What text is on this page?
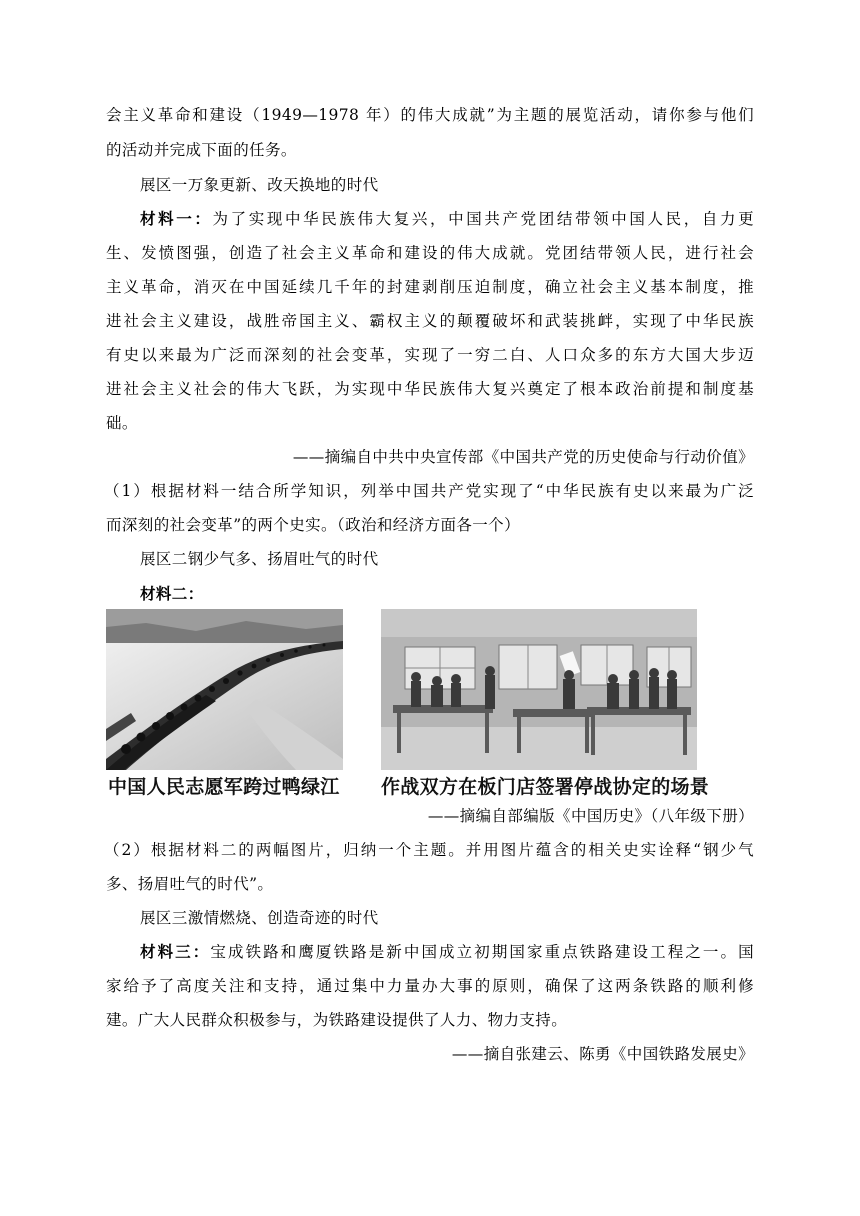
会主义革命和建设（1949—1978 年）的伟大成就”为主题的展览活动，请你参与他们
的活动并完成下面的任务。
展区一万象更新、改天换地的时代
材料一：为了实现中华民族伟大复兴，中国共产党团结带领中国人民，自力更
生、发愤图强，创造了社会主义革命和建设的伟大成就。党团结带领人民，进行社会
主义革命，消灭在中国延续几千年的封建剥削压迫制度，确立社会主义基本制度，推
进社会主义建设，战胜帝国主义、霸权主义的颠覆破坏和武装挑衅，实现了中华民族
有史以来最为广泛而深刻的社会变革，实现了一穷二白、人口众多的东方大国大步迈
进社会主义社会的伟大飞跃，为实现中华民族伟大复兴奠定了根本政治前提和制度基
础。
——摘编自中共中央宣传部《中国共产党的历史使命与行动价值》
（1）根据材料一结合所学知识，列举中国共产党实现了“中华民族有史以来最为广泛
而深刻的社会变革”的两个史实。（政治和经济方面各一个）
展区二钢少气多、扬眉吐气的时代
材料二：
中国人民志愿军跨过鸭绿江 作战双方在板门店签署停战协定的场景
——摘编自部编版《中国历史》（八年级下册）
（2）根据材料二的两幅图片，归纳一个主题。并用图片蕴含的相关史实诠释“钢少气
多、扬眉吐气的时代”。
展区三激情燃烧、创造奇迹的时代
材料三：宝成铁路和鹰厦铁路是新中国成立初期国家重点铁路建设工程之一。国
家给予了高度关注和支持，通过集中力量办大事的原则，确保了这两条铁路的顺利修
建。广大人民群众积极参与，为铁路建设提供了人力、物力支持。
——摘自张建云、陈勇《中国铁路发展史》
